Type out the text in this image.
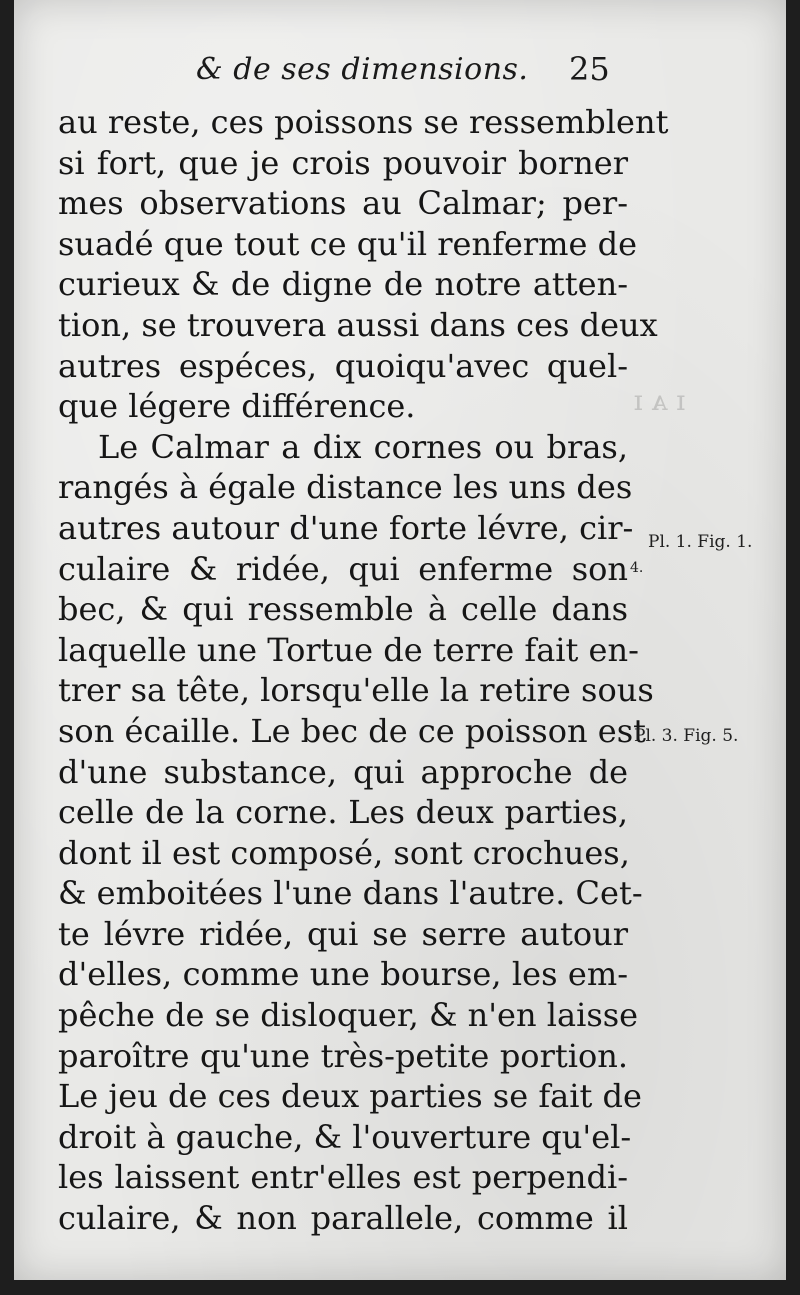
ɪ ᴀ ɪ
& de ses dimensions. 25
au reste, ces poissons se ressemblent
si fort, que je crois pouvoir borner
mes observations au Calmar; per-
suadé que tout ce qu'il renferme de
curieux & de digne de notre atten-
tion, se trouvera aussi dans ces deux
autres espéces, quoiqu'avec quel-
que légere différence.
Le Calmar a dix cornes ou bras,
rangés à égale distance les uns des
autres autour d'une forte lévre, cir-
culaire & ridée, qui enferme son
bec, & qui ressemble à celle dans
laquelle une Tortue de terre fait en-
trer sa tête, lorsqu'elle la retire sous
son écaille. Le bec de ce poisson est
d'une substance, qui approche de
celle de la corne. Les deux parties,
dont il est composé, sont crochues,
& emboitées l'une dans l'autre. Cet-
te lévre ridée, qui se serre autour
d'elles, comme une bourse, les em-
pêche de se disloquer, & n'en laisse
paroître qu'une très-petite portion.
Le jeu de ces deux parties se fait de
droit à gauche, & l'ouverture qu'el-
les laissent entr'elles est perpendi-
culaire, & non parallele, comme il
Pl. 1. Fig. 1.
4.
Pl. 3. Fig. 5.
